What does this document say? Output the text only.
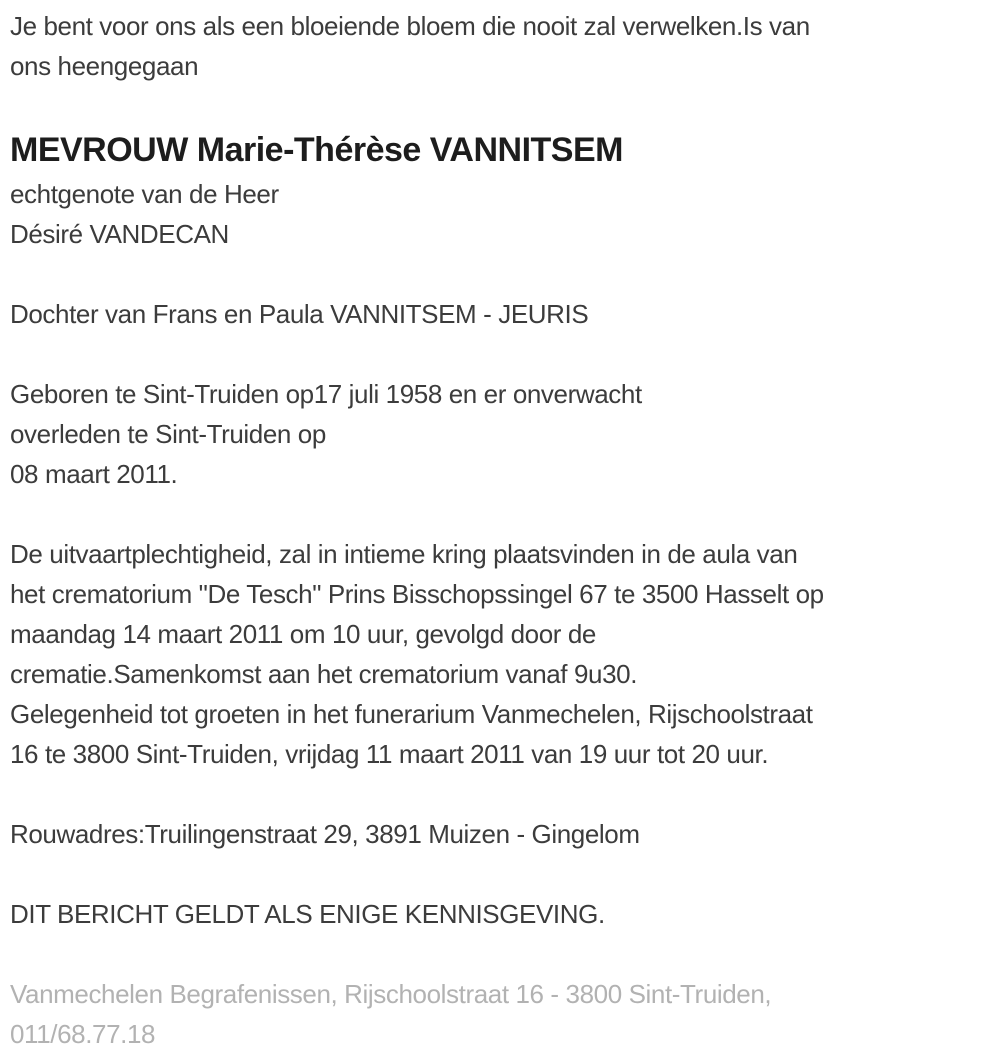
Je bent voor ons als een bloeiende bloem die nooit zal verwelken.Is van
ons heengegaan
MEVROUW Marie-Thérèse VANNITSEM
echtgenote van de Heer
Désiré VANDECAN
Dochter van Frans en Paula VANNITSEM - JEURIS
Geboren te Sint-Truiden op17 juli 1958 en er onverwacht
overleden te Sint-Truiden op
08 maart 2011.
De uitvaartplechtigheid, zal in intieme kring plaatsvinden in de aula van
het crematorium "De Tesch" Prins Bisschopssingel 67 te 3500 Hasselt op
maandag 14 maart 2011 om 10 uur, gevolgd door de
crematie.Samenkomst aan het crematorium vanaf 9u30.
Gelegenheid tot groeten in het funerarium Vanmechelen, Rijschoolstraat
16 te 3800 Sint-Truiden, vrijdag 11 maart 2011 van 19 uur tot 20 uur.
Rouwadres:Truilingenstraat 29, 3891 Muizen - Gingelom
DIT BERICHT GELDT ALS ENIGE KENNISGEVING.
Vanmechelen Begrafenissen, Rijschoolstraat 16 - 3800 Sint-Truiden,
011/68.77.18
